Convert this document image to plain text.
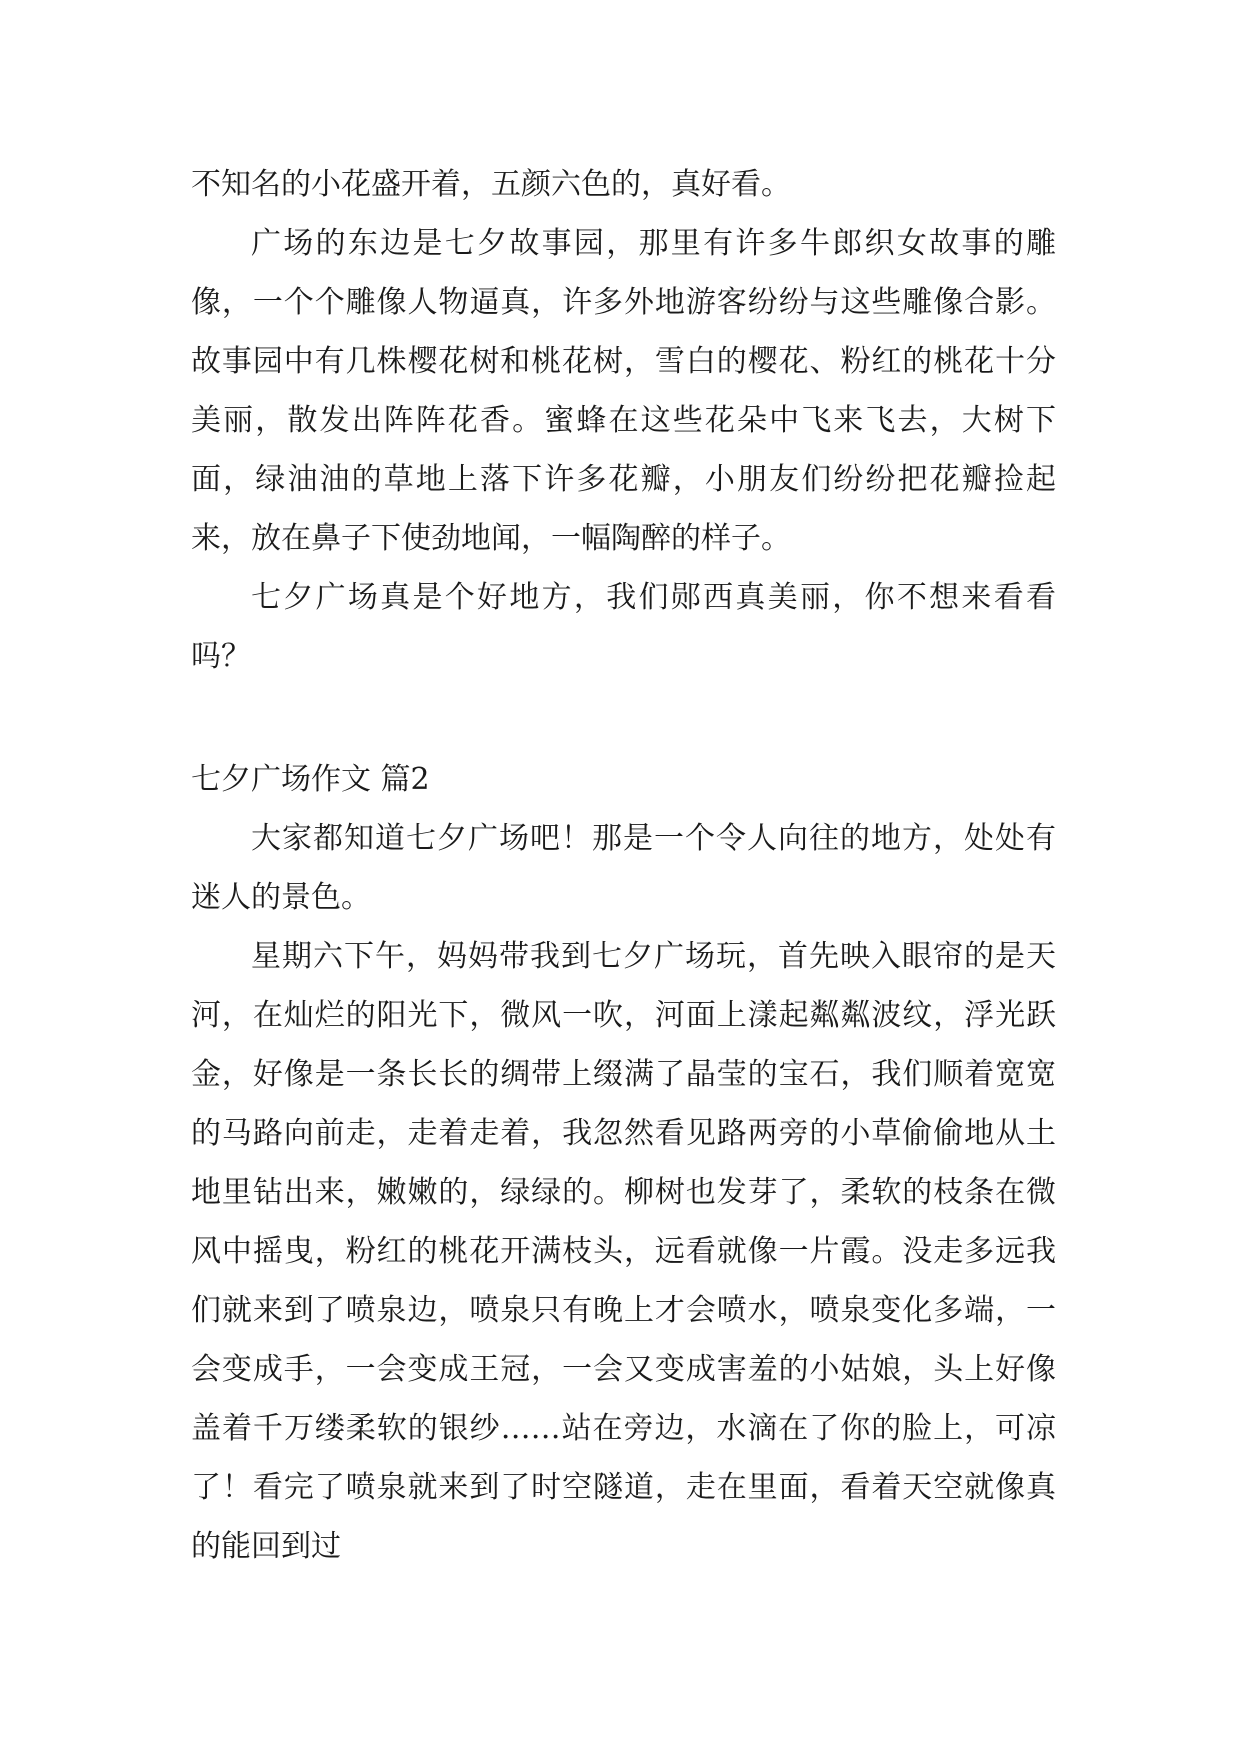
不知名的小花盛开着，五颜六色的，真好看。

广场的东边是七夕故事园，那里有许多牛郎织女故事的雕像，一个个雕像人物逼真，许多外地游客纷纷与这些雕像合影。故事园中有几株樱花树和桃花树，雪白的樱花、粉红的桃花十分美丽，散发出阵阵花香。蜜蜂在这些花朵中飞来飞去，大树下面，绿油油的草地上落下许多花瓣，小朋友们纷纷把花瓣捡起来，放在鼻子下使劲地闻，一幅陶醉的样子。

七夕广场真是个好地方，我们郧西真美丽，你不想来看看吗？

七夕广场作文 篇2

大家都知道七夕广场吧！那是一个令人向往的地方，处处有迷人的景色。

星期六下午，妈妈带我到七夕广场玩，首先映入眼帘的是天河，在灿烂的阳光下，微风一吹，河面上漾起粼粼波纹，浮光跃金，好像是一条长长的绸带上缀满了晶莹的宝石，我们顺着宽宽的马路向前走，走着走着，我忽然看见路两旁的小草偷偷地从土地里钻出来，嫩嫩的，绿绿的。柳树也发芽了，柔软的枝条在微风中摇曳，粉红的桃花开满枝头，远看就像一片霞。没走多远我们就来到了喷泉边，喷泉只有晚上才会喷水，喷泉变化多端，一会变成手，一会变成王冠，一会又变成害羞的小姑娘，头上好像盖着千万缕柔软的银纱……站在旁边，水滴在了你的脸上，可凉了！看完了喷泉就来到了时空隧道，走在里面，看着天空就像真的能回到过
